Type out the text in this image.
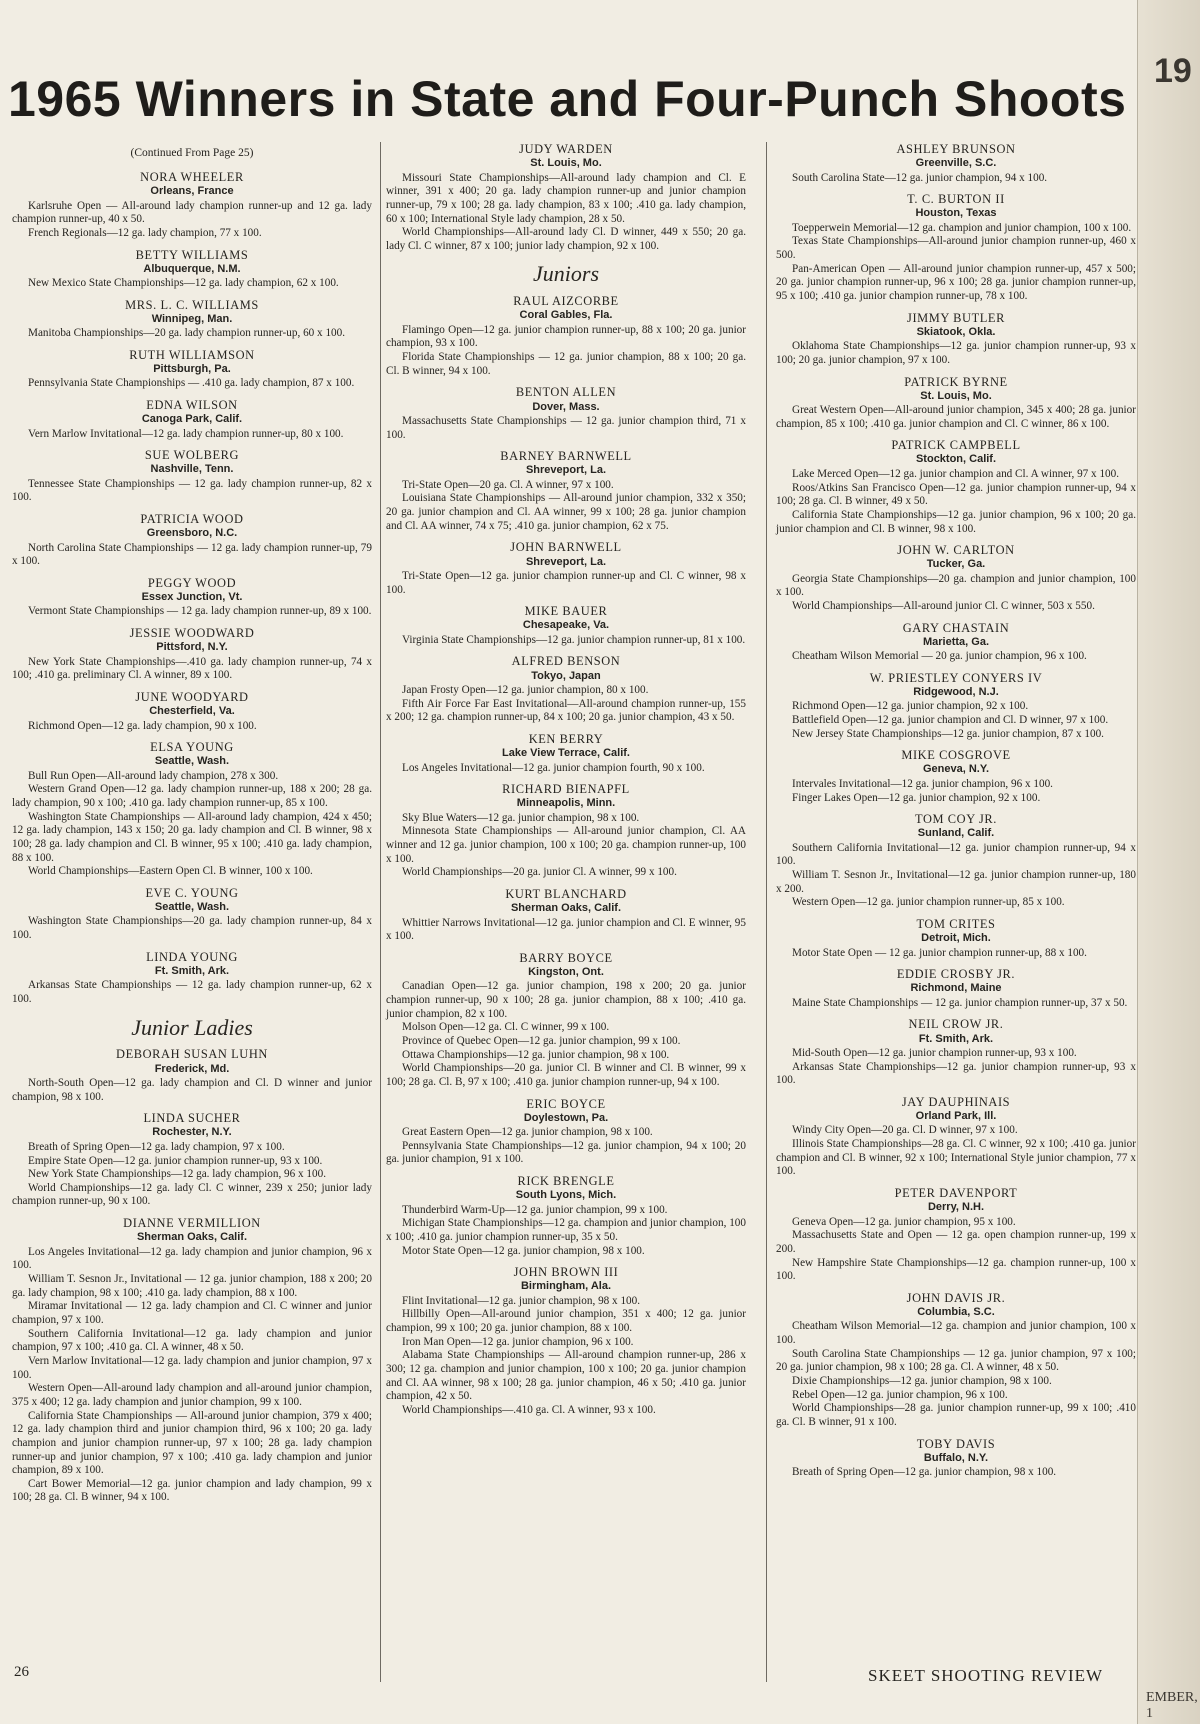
19
EMBER, 1
1965 Winners in State and Four-Punch Shoots
(Continued From Page 25)
NORA WHEELER
Orleans, France

Karlsruhe Open — All-around lady champion runner-up and 12 ga. lady champion runner-up, 40 x 50.

French Regionals—12 ga. lady champion, 77 x 100.

BETTY WILLIAMS
Albuquerque, N.M.

New Mexico State Championships—12 ga. lady champion, 62 x 100.

MRS. L. C. WILLIAMS
Winnipeg, Man.

Manitoba Championships—20 ga. lady champion runner-up, 60 x 100.

RUTH WILLIAMSON
Pittsburgh, Pa.

Pennsylvania State Championships — .410 ga. lady champion, 87 x 100.

EDNA WILSON
Canoga Park, Calif.

Vern Marlow Invitational—12 ga. lady champion runner-up, 80 x 100.

SUE WOLBERG
Nashville, Tenn.

Tennessee State Championships — 12 ga. lady champion runner-up, 82 x 100.

PATRICIA WOOD
Greensboro, N.C.

North Carolina State Championships — 12 ga. lady champion runner-up, 79 x 100.

PEGGY WOOD
Essex Junction, Vt.

Vermont State Championships — 12 ga. lady champion runner-up, 89 x 100.

JESSIE WOODWARD
Pittsford, N.Y.

New York State Championships—.410 ga. lady champion runner-up, 74 x 100; .410 ga. preliminary Cl. A winner, 89 x 100.

JUNE WOODYARD
Chesterfield, Va.

Richmond Open—12 ga. lady champion, 90 x 100.

ELSA YOUNG
Seattle, Wash.

Bull Run Open—All-around lady champion, 278 x 300.

Western Grand Open—12 ga. lady champion runner-up, 188 x 200; 28 ga. lady champion, 90 x 100; .410 ga. lady champion runner-up, 85 x 100.

Washington State Championships — All-around lady champion, 424 x 450; 12 ga. lady champion, 143 x 150; 20 ga. lady champion and Cl. B winner, 98 x 100; 28 ga. lady champion and Cl. B winner, 95 x 100; .410 ga. lady champion, 88 x 100.

World Championships—Eastern Open Cl. B winner, 100 x 100.

EVE C. YOUNG
Seattle, Wash.

Washington State Championships—20 ga. lady champion runner-up, 84 x 100.

LINDA YOUNG
Ft. Smith, Ark.

Arkansas State Championships — 12 ga. lady champion runner-up, 62 x 100.

Junior Ladies
DEBORAH SUSAN LUHN
Frederick, Md.

North-South Open—12 ga. lady champion and Cl. D winner and junior champion, 98 x 100.

LINDA SUCHER
Rochester, N.Y.

Breath of Spring Open—12 ga. lady champion, 97 x 100.

Empire State Open—12 ga. junior champion runner-up, 93 x 100.

New York State Championships—12 ga. lady champion, 96 x 100.

World Championships—12 ga. lady Cl. C winner, 239 x 250; junior lady champion runner-up, 90 x 100.

DIANNE VERMILLION
Sherman Oaks, Calif.

Los Angeles Invitational—12 ga. lady champion and junior champion, 96 x 100.

William T. Sesnon Jr., Invitational — 12 ga. junior champion, 188 x 200; 20 ga. lady champion, 98 x 100; .410 ga. lady champion, 88 x 100.

Miramar Invitational — 12 ga. lady champion and Cl. C winner and junior champion, 97 x 100.

Southern California Invitational—12 ga. lady champion and junior champion, 97 x 100; .410 ga. Cl. A winner, 48 x 50.

Vern Marlow Invitational—12 ga. lady champion and junior champion, 97 x 100.

Western Open—All-around lady champion and all-around junior champion, 375 x 400; 12 ga. lady champion and junior champion, 99 x 100.

California State Championships — All-around junior champion, 379 x 400; 12 ga. lady champion third and junior champion third, 96 x 100; 20 ga. lady champion and junior champion runner-up, 97 x 100; 28 ga. lady champion runner-up and junior champion, 97 x 100; .410 ga. lady champion and junior champion, 89 x 100.

Cart Bower Memorial—12 ga. junior champion and lady champion, 99 x 100; 28 ga. Cl. B winner, 94 x 100.

JUDY WARDEN
St. Louis, Mo.

Missouri State Championships—All-around lady champion and Cl. E winner, 391 x 400; 20 ga. lady champion runner-up and junior champion runner-up, 79 x 100; 28 ga. lady champion, 83 x 100; .410 ga. lady champion, 60 x 100; International Style lady champion, 28 x 50.

World Championships—All-around lady Cl. D winner, 449 x 550; 20 ga. lady Cl. C winner, 87 x 100; junior lady champion, 92 x 100.

Juniors
RAUL AIZCORBE
Coral Gables, Fla.

Flamingo Open—12 ga. junior champion runner-up, 88 x 100; 20 ga. junior champion, 93 x 100.

Florida State Championships — 12 ga. junior champion, 88 x 100; 20 ga. Cl. B winner, 94 x 100.

BENTON ALLEN
Dover, Mass.

Massachusetts State Championships — 12 ga. junior champion third, 71 x 100.

BARNEY BARNWELL
Shreveport, La.

Tri-State Open—20 ga. Cl. A winner, 97 x 100.

Louisiana State Championships — All-around junior champion, 332 x 350; 20 ga. junior champion and Cl. AA winner, 99 x 100; 28 ga. junior champion and Cl. AA winner, 74 x 75; .410 ga. junior champion, 62 x 75.

JOHN BARNWELL
Shreveport, La.

Tri-State Open—12 ga. junior champion runner-up and Cl. C winner, 98 x 100.

MIKE BAUER
Chesapeake, Va.

Virginia State Championships—12 ga. junior champion runner-up, 81 x 100.

ALFRED BENSON
Tokyo, Japan

Japan Frosty Open—12 ga. junior champion, 80 x 100.

Fifth Air Force Far East Invitational—All-around champion runner-up, 155 x 200; 12 ga. champion runner-up, 84 x 100; 20 ga. junior champion, 43 x 50.

KEN BERRY
Lake View Terrace, Calif.

Los Angeles Invitational—12 ga. junior champion fourth, 90 x 100.

RICHARD BIENAPFL
Minneapolis, Minn.

Sky Blue Waters—12 ga. junior champion, 98 x 100.

Minnesota State Championships — All-around junior champion, Cl. AA winner and 12 ga. junior champion, 100 x 100; 20 ga. champion runner-up, 100 x 100.

World Championships—20 ga. junior Cl. A winner, 99 x 100.

KURT BLANCHARD
Sherman Oaks, Calif.

Whittier Narrows Invitational—12 ga. junior champion and Cl. E winner, 95 x 100.

BARRY BOYCE
Kingston, Ont.

Canadian Open—12 ga. junior champion, 198 x 200; 20 ga. junior champion runner-up, 90 x 100; 28 ga. junior champion, 88 x 100; .410 ga. junior champion, 82 x 100.

Molson Open—12 ga. Cl. C winner, 99 x 100.

Province of Quebec Open—12 ga. junior champion, 99 x 100.

Ottawa Championships—12 ga. junior champion, 98 x 100.

World Championships—20 ga. junior Cl. B winner and Cl. B winner, 99 x 100; 28 ga. Cl. B, 97 x 100; .410 ga. junior champion runner-up, 94 x 100.

ERIC BOYCE
Doylestown, Pa.

Great Eastern Open—12 ga. junior champion, 98 x 100.

Pennsylvania State Championships—12 ga. junior champion, 94 x 100; 20 ga. junior champion, 91 x 100.

RICK BRENGLE
South Lyons, Mich.

Thunderbird Warm-Up—12 ga. junior champion, 99 x 100.

Michigan State Championships—12 ga. champion and junior champion, 100 x 100; .410 ga. junior champion runner-up, 35 x 50.

Motor State Open—12 ga. junior champion, 98 x 100.

JOHN BROWN III
Birmingham, Ala.

Flint Invitational—12 ga. junior champion, 98 x 100.

Hillbilly Open—All-around junior champion, 351 x 400; 12 ga. junior champion, 99 x 100; 20 ga. junior champion, 88 x 100.

Iron Man Open—12 ga. junior champion, 96 x 100.

Alabama State Championships — All-around champion runner-up, 286 x 300; 12 ga. champion and junior champion, 100 x 100; 20 ga. junior champion and Cl. AA winner, 98 x 100; 28 ga. junior champion, 46 x 50; .410 ga. junior champion, 42 x 50.

World Championships—.410 ga. Cl. A winner, 93 x 100.

ASHLEY BRUNSON
Greenville, S.C.

South Carolina State—12 ga. junior champion, 94 x 100.

T. C. BURTON II
Houston, Texas

Toepperwein Memorial—12 ga. champion and junior champion, 100 x 100.

Texas State Championships—All-around junior champion runner-up, 460 x 500.

Pan-American Open — All-around junior champion runner-up, 457 x 500; 20 ga. junior champion runner-up, 96 x 100; 28 ga. junior champion runner-up, 95 x 100; .410 ga. junior champion runner-up, 78 x 100.

JIMMY BUTLER
Skiatook, Okla.

Oklahoma State Championships—12 ga. junior champion runner-up, 93 x 100; 20 ga. junior champion, 97 x 100.

PATRICK BYRNE
St. Louis, Mo.

Great Western Open—All-around junior champion, 345 x 400; 28 ga. junior champion, 85 x 100; .410 ga. junior champion and Cl. C winner, 86 x 100.

PATRICK CAMPBELL
Stockton, Calif.

Lake Merced Open—12 ga. junior champion and Cl. A winner, 97 x 100.

Roos/Atkins San Francisco Open—12 ga. junior champion runner-up, 94 x 100; 28 ga. Cl. B winner, 49 x 50.

California State Championships—12 ga. junior champion, 96 x 100; 20 ga. junior champion and Cl. B winner, 98 x 100.

JOHN W. CARLTON
Tucker, Ga.

Georgia State Championships—20 ga. champion and junior champion, 100 x 100.

World Championships—All-around junior Cl. C winner, 503 x 550.

GARY CHASTAIN
Marietta, Ga.

Cheatham Wilson Memorial — 20 ga. junior champion, 96 x 100.

W. PRIESTLEY CONYERS IV
Ridgewood, N.J.

Richmond Open—12 ga. junior champion, 92 x 100.

Battlefield Open—12 ga. junior champion and Cl. D winner, 97 x 100.

New Jersey State Championships—12 ga. junior champion, 87 x 100.

MIKE COSGROVE
Geneva, N.Y.

Intervales Invitational—12 ga. junior champion, 96 x 100.

Finger Lakes Open—12 ga. junior champion, 92 x 100.

TOM COY JR.
Sunland, Calif.

Southern California Invitational—12 ga. junior champion runner-up, 94 x 100.

William T. Sesnon Jr., Invitational—12 ga. junior champion runner-up, 180 x 200.

Western Open—12 ga. junior champion runner-up, 85 x 100.

TOM CRITES
Detroit, Mich.

Motor State Open — 12 ga. junior champion runner-up, 88 x 100.

EDDIE CROSBY JR.
Richmond, Maine

Maine State Championships — 12 ga. junior champion runner-up, 37 x 50.

NEIL CROW JR.
Ft. Smith, Ark.

Mid-South Open—12 ga. junior champion runner-up, 93 x 100.

Arkansas State Championships—12 ga. junior champion runner-up, 93 x 100.

JAY DAUPHINAIS
Orland Park, Ill.

Windy City Open—20 ga. Cl. D winner, 97 x 100.

Illinois State Championships—28 ga. Cl. C winner, 92 x 100; .410 ga. junior champion and Cl. B winner, 92 x 100; International Style junior champion, 77 x 100.

PETER DAVENPORT
Derry, N.H.

Geneva Open—12 ga. junior champion, 95 x 100.

Massachusetts State and Open — 12 ga. open champion runner-up, 199 x 200.

New Hampshire State Championships—12 ga. champion runner-up, 100 x 100.

JOHN DAVIS JR.
Columbia, S.C.

Cheatham Wilson Memorial—12 ga. champion and junior champion, 100 x 100.

South Carolina State Championships — 12 ga. junior champion, 97 x 100; 20 ga. junior champion, 98 x 100; 28 ga. Cl. A winner, 48 x 50.

Dixie Championships—12 ga. junior champion, 98 x 100.

Rebel Open—12 ga. junior champion, 96 x 100.

World Championships—28 ga. junior champion runner-up, 99 x 100; .410 ga. Cl. B winner, 91 x 100.

TOBY DAVIS
Buffalo, N.Y.

Breath of Spring Open—12 ga. junior champion, 98 x 100.

26	SKEET SHOOTING REVIEW
